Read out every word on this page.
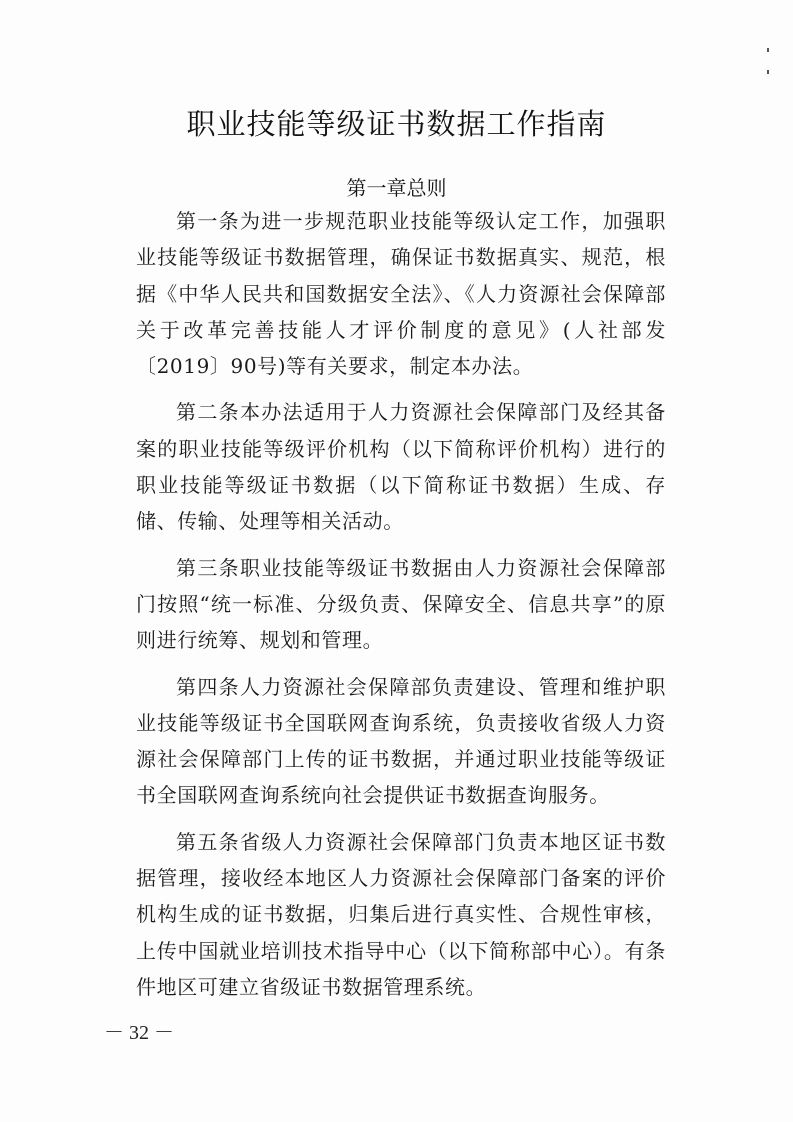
职业技能等级证书数据工作指南
第一章总则

第一条为进一步规范职业技能等级认定工作，加强职业技能等级证书数据管理，确保证书数据真实、规范，根据《中华人民共和国数据安全法》、《人力资源社会保障部关于改革完善技能人才评价制度的意见》(人社部发〔2019〕90号)等有关要求，制定本办法。

第二条本办法适用于人力资源社会保障部门及经其备案的职业技能等级评价机构（以下简称评价机构）进行的职业技能等级证书数据（以下简称证书数据）生成、存储、传输、处理等相关活动。

第三条职业技能等级证书数据由人力资源社会保障部门按照“统一标准、分级负责、保障安全、信息共享”的原则进行统筹、规划和管理。

第四条人力资源社会保障部负责建设、管理和维护职业技能等级证书全国联网查询系统，负责接收省级人力资源社会保障部门上传的证书数据，并通过职业技能等级证书全国联网查询系统向社会提供证书数据查询服务。

第五条省级人力资源社会保障部门负责本地区证书数据管理，接收经本地区人力资源社会保障部门备案的评价机构生成的证书数据，归集后进行真实性、合规性审核，上传中国就业培训技术指导中心（以下简称部中心）。有条件地区可建立省级证书数据管理系统。

－ 32 －
